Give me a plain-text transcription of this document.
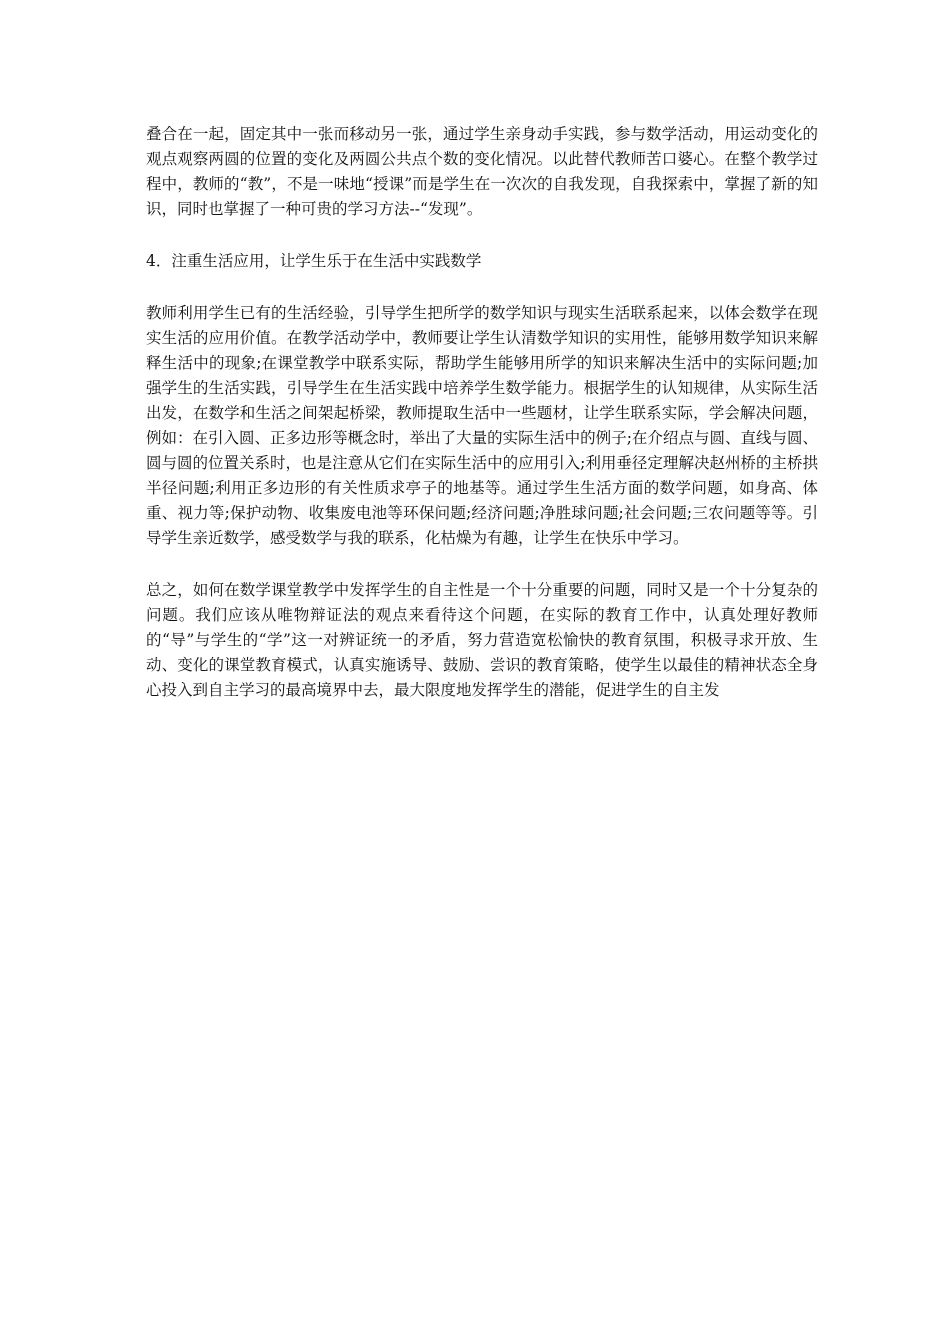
叠合在一起，固定其中一张而移动另一张，通过学生亲身动手实践，参与数学活动，用运动变化的观点观察两圆的位置的变化及两圆公共点个数的变化情况。以此替代教师苦口婆心。在整个教学过程中，教师的“教”，不是一味地“授课”而是学生在一次次的自我发现，自我探索中，掌握了新的知识，同时也掌握了一种可贵的学习方法--“发现”。

4．注重生活应用，让学生乐于在生活中实践数学

教师利用学生已有的生活经验，引导学生把所学的数学知识与现实生活联系起来，以体会数学在现实生活的应用价值。在教学活动学中，教师要让学生认清数学知识的实用性，能够用数学知识来解释生活中的现象;在课堂教学中联系实际，帮助学生能够用所学的知识来解决生活中的实际问题;加强学生的生活实践，引导学生在生活实践中培养学生数学能力。根据学生的认知规律，从实际生活出发，在数学和生活之间架起桥梁，教师提取生活中一些题材，让学生联系实际，学会解决问题，例如：在引入圆、正多边形等概念时，举出了大量的实际生活中的例子;在介绍点与圆、直线与圆、圆与圆的位置关系时，也是注意从它们在实际生活中的应用引入;利用垂径定理解决赵州桥的主桥拱半径问题;利用正多边形的有关性质求亭子的地基等。通过学生生活方面的数学问题，如身高、体重、视力等;保护动物、收集废电池等环保问题;经济问题;净胜球问题;社会问题;三农问题等等。引导学生亲近数学，感受数学与我的联系，化枯燥为有趣，让学生在快乐中学习。

总之，如何在数学课堂教学中发挥学生的自主性是一个十分重要的问题，同时又是一个十分复杂的问题。我们应该从唯物辩证法的观点来看待这个问题，在实际的教育工作中，认真处理好教师的“导”与学生的“学”这一对辨证统一的矛盾，努力营造宽松愉快的教育氛围，积极寻求开放、生动、变化的课堂教育模式，认真实施诱导、鼓励、尝识的教育策略，使学生以最佳的精神状态全身心投入到自主学习的最高境界中去，最大限度地发挥学生的潜能，促进学生的自主发
